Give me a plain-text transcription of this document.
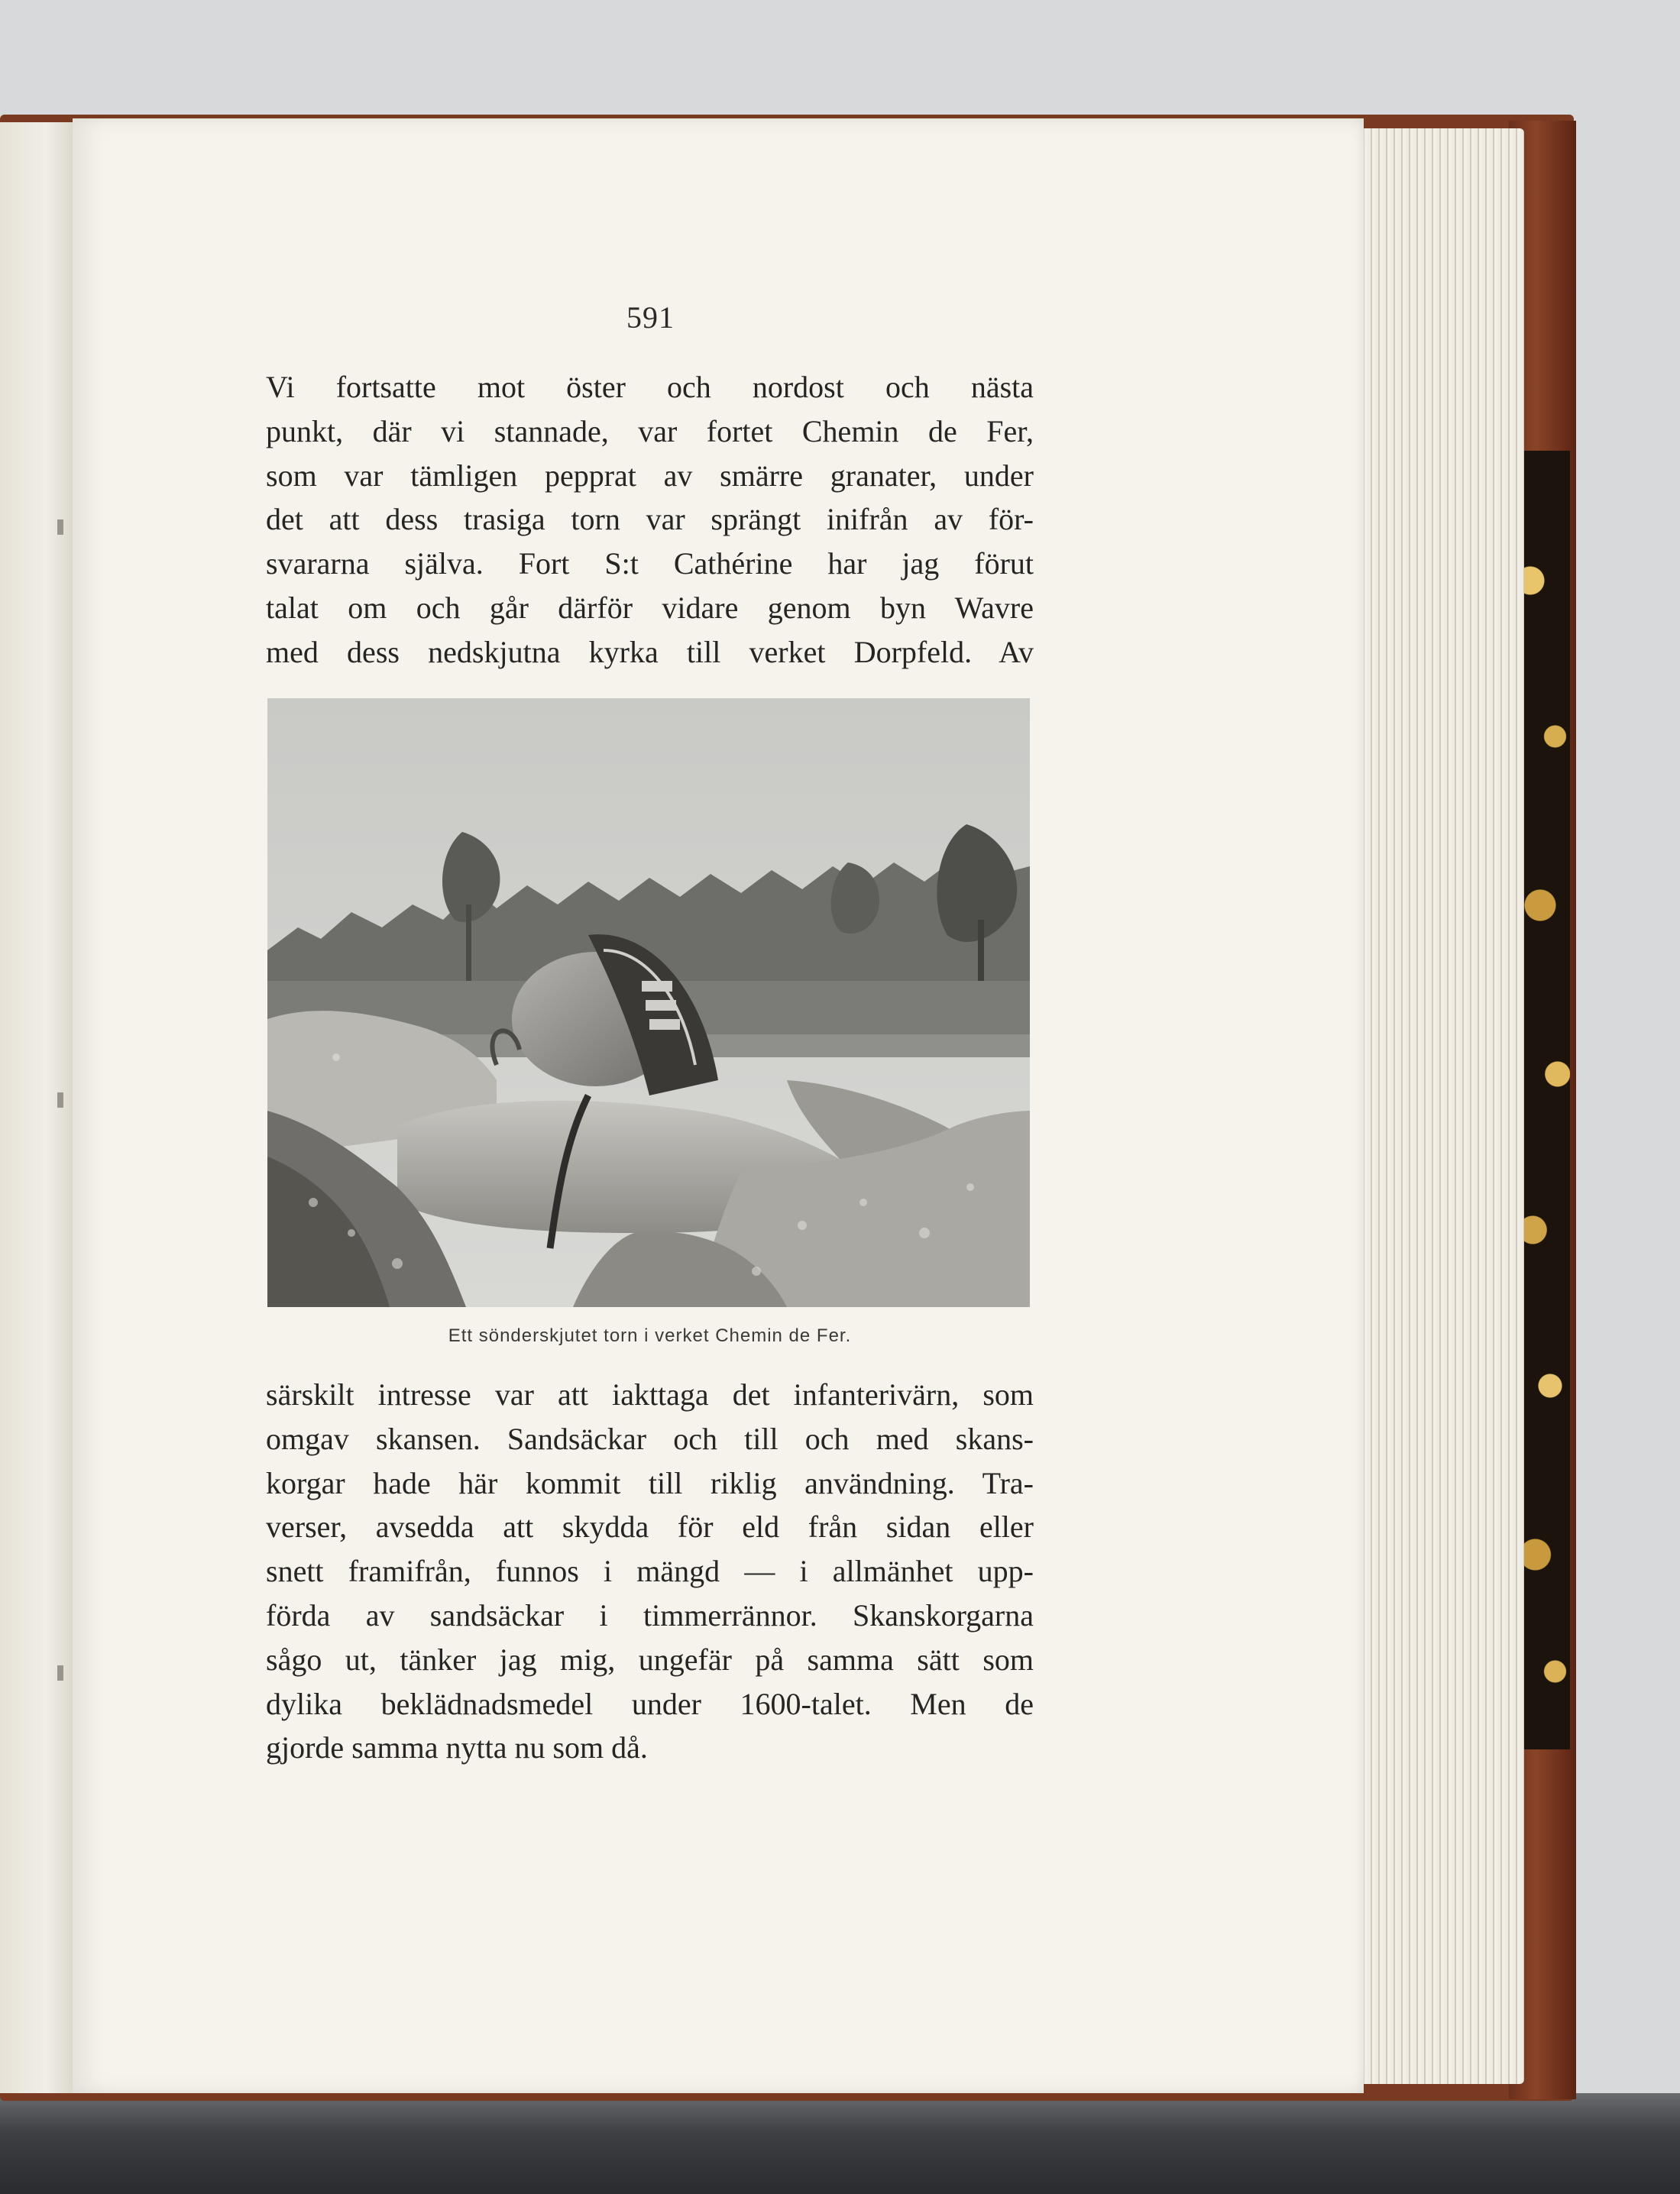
591
Vi fortsatte mot öster och nordost och nästa
punkt, där vi stannade, var fortet Chemin de Fer,
som var tämligen pepprat av smärre granater, under
det att dess trasiga torn var sprängt inifrån av för-
svararna själva. Fort S:t Cathérine har jag förut
talat om och går därför vidare genom byn Wavre
med dess nedskjutna kyrka till verket Dorpfeld. Av
Ett sönderskjutet torn i verket Chemin de Fer.
särskilt intresse var att iakttaga det infanterivärn, som
omgav skansen. Sandsäckar och till och med skans-
korgar hade här kommit till riklig användning. Tra-
verser, avsedda att skydda för eld från sidan eller
snett framifrån, funnos i mängd — i allmänhet upp-
förda av sandsäckar i timmerrännor. Skanskorgarna
sågo ut, tänker jag mig, ungefär på samma sätt som
dylika beklädnadsmedel under 1600-talet. Men de
gjorde samma nytta nu som då.
